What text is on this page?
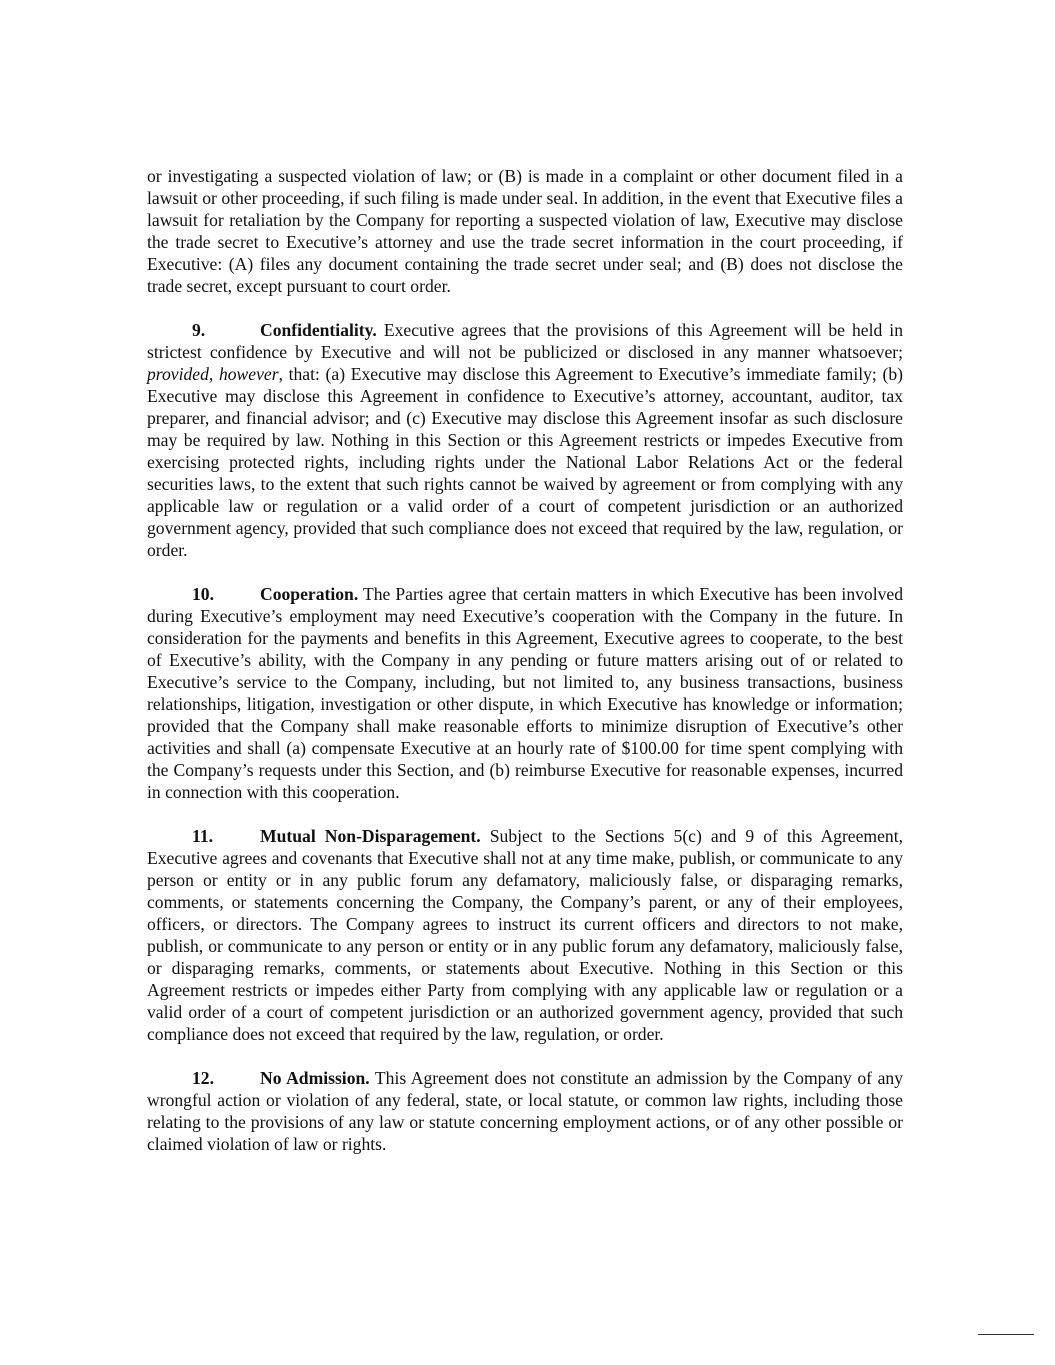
or investigating a suspected violation of law; or (B) is made in a complaint or other document filed in a lawsuit or other proceeding, if such filing is made under seal. In addition, in the event that Executive files a lawsuit for retaliation by the Company for reporting a suspected violation of law, Executive may disclose the trade secret to Executive’s attorney and use the trade secret information in the court proceeding, if Executive: (A) files any document containing the trade secret under seal; and (B) does not disclose the trade secret, except pursuant to court order.

9.	Confidentiality. Executive agrees that the provisions of this Agreement will be held in strictest confidence by Executive and will not be publicized or disclosed in any manner whatsoever; provided, however, that: (a) Executive may disclose this Agreement to Executive’s immediate family; (b) Executive may disclose this Agreement in confidence to Executive’s attorney, accountant, auditor, tax preparer, and financial advisor; and (c) Executive may disclose this Agreement insofar as such disclosure may be required by law. Nothing in this Section or this Agreement restricts or impedes Executive from exercising protected rights, including rights under the National Labor Relations Act or the federal securities laws, to the extent that such rights cannot be waived by agreement or from complying with any applicable law or regulation or a valid order of a court of competent jurisdiction or an authorized government agency, provided that such compliance does not exceed that required by the law, regulation, or order.

10.	Cooperation. The Parties agree that certain matters in which Executive has been involved during Executive’s employment may need Executive’s cooperation with the Company in the future. In consideration for the payments and benefits in this Agreement, Executive agrees to cooperate, to the best of Executive’s ability, with the Company in any pending or future matters arising out of or related to Executive’s service to the Company, including, but not limited to, any business transactions, business relationships, litigation, investigation or other dispute, in which Executive has knowledge or information; provided that the Company shall make reasonable efforts to minimize disruption of Executive’s other activities and shall (a) compensate Executive at an hourly rate of $100.00 for time spent complying with the Company’s requests under this Section, and (b) reimburse Executive for reasonable expenses, incurred in connection with this cooperation.

11.	Mutual Non-Disparagement. Subject to the Sections 5(c) and 9 of this Agreement, Executive agrees and covenants that Executive shall not at any time make, publish, or communicate to any person or entity or in any public forum any defamatory, maliciously false, or disparaging remarks, comments, or statements concerning the Company, the Company’s parent, or any of their employees, officers, or directors. The Company agrees to instruct its current officers and directors to not make, publish, or communicate to any person or entity or in any public forum any defamatory, maliciously false, or disparaging remarks, comments, or statements about Executive. Nothing in this Section or this Agreement restricts or impedes either Party from complying with any applicable law or regulation or a valid order of a court of competent jurisdiction or an authorized government agency, provided that such compliance does not exceed that required by the law, regulation, or order.

12.	No Admission. This Agreement does not constitute an admission by the Company of any wrongful action or violation of any federal, state, or local statute, or common law rights, including those relating to the provisions of any law or statute concerning employment actions, or of any other possible or claimed violation of law or rights.
